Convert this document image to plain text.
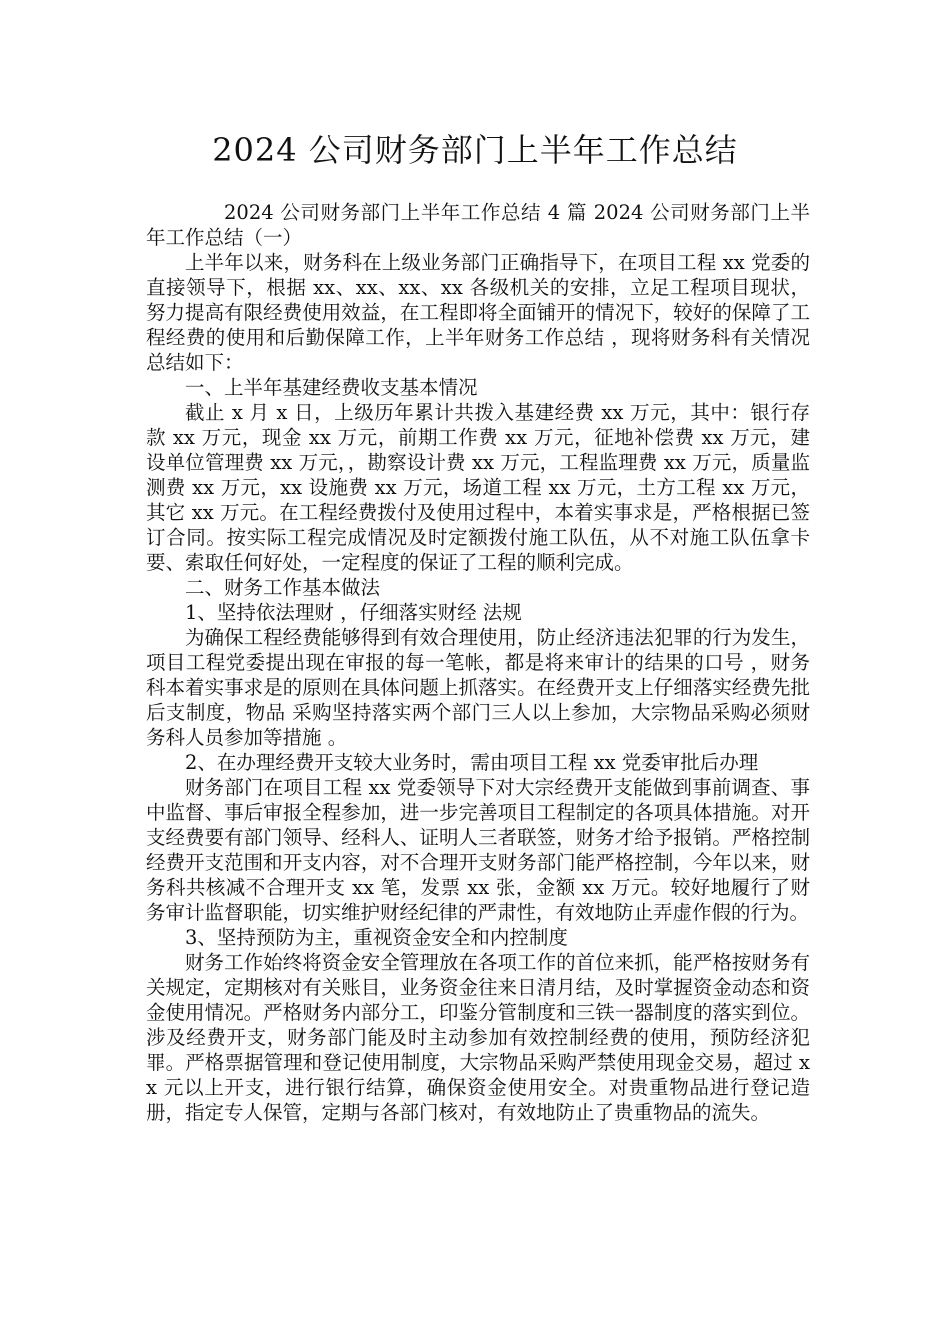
2024 公司财务部门上半年工作总结

2024 公司财务部门上半年工作总结 4 篇 2024 公司财务部门上半年工作总结（一）

上半年以来，财务科在上级业务部门正确指导下，在项目工程 xx 党委的直接领导下，根据 xx、xx、xx、xx 各级机关的安排，立足工程项目现状，努力提高有限经费使用效益，在工程即将全面铺开的情况下，较好的保障了工程经费的使用和后勤保障工作，上半年财务工作总结 ，现将财务科有关情况总结如下：

一、上半年基建经费收支基本情况

截止 x 月 x 日，上级历年累计共拨入基建经费 xx 万元，其中：银行存款 xx 万元，现金 xx 万元，前期工作费 xx 万元，征地补偿费 xx 万元，建设单位管理费 xx 万元，，勘察设计费 xx 万元，工程监理费 xx 万元，质量监测费 xx 万元，xx 设施费 xx 万元，场道工程 xx 万元，土方工程 xx 万元，其它 xx 万元。在工程经费拨付及使用过程中，本着实事求是，严格根据已签订合同。按实际工程完成情况及时定额拨付施工队伍，从不对施工队伍拿卡要、索取任何好处，一定程度的保证了工程的顺利完成。

二、财务工作基本做法

1、坚持依法理财 ，仔细落实财经 法规

为确保工程经费能够得到有效合理使用，防止经济违法犯罪的行为发生，项目工程党委提出现在审报的每一笔帐，都是将来审计的结果的口号 ，财务科本着实事求是的原则在具体问题上抓落实。在经费开支上仔细落实经费先批后支制度，物品 采购坚持落实两个部门三人以上参加，大宗物品采购必须财务科人员参加等措施 。

2、在办理经费开支较大业务时，需由项目工程 xx 党委审批后办理

财务部门在项目工程 xx 党委领导下对大宗经费开支能做到事前调查、事中监督、事后审报全程参加，进一步完善项目工程制定的各项具体措施。对开支经费要有部门领导、经科人、证明人三者联签，财务才给予报销。严格控制经费开支范围和开支内容，对不合理开支财务部门能严格控制，今年以来，财务科共核减不合理开支 xx 笔，发票 xx 张，金额 xx 万元。较好地履行了财务审计监督职能，切实维护财经纪律的严肃性，有效地防止弄虚作假的行为。

3、坚持预防为主，重视资金安全和内控制度

财务工作始终将资金安全管理放在各项工作的首位来抓，能严格按财务有关规定，定期核对有关账目，业务资金往来日清月结，及时掌握资金动态和资金使用情况。严格财务内部分工，印鉴分管制度和三铁一器制度的落实到位。涉及经费开支，财务部门能及时主动参加有效控制经费的使用，预防经济犯罪。严格票据管理和登记使用制度，大宗物品采购严禁使用现金交易，超过 xx 元以上开支，进行银行结算，确保资金使用安全。对贵重物品进行登记造册，指定专人保管，定期与各部门核对，有效地防止了贵重物品的流失。
